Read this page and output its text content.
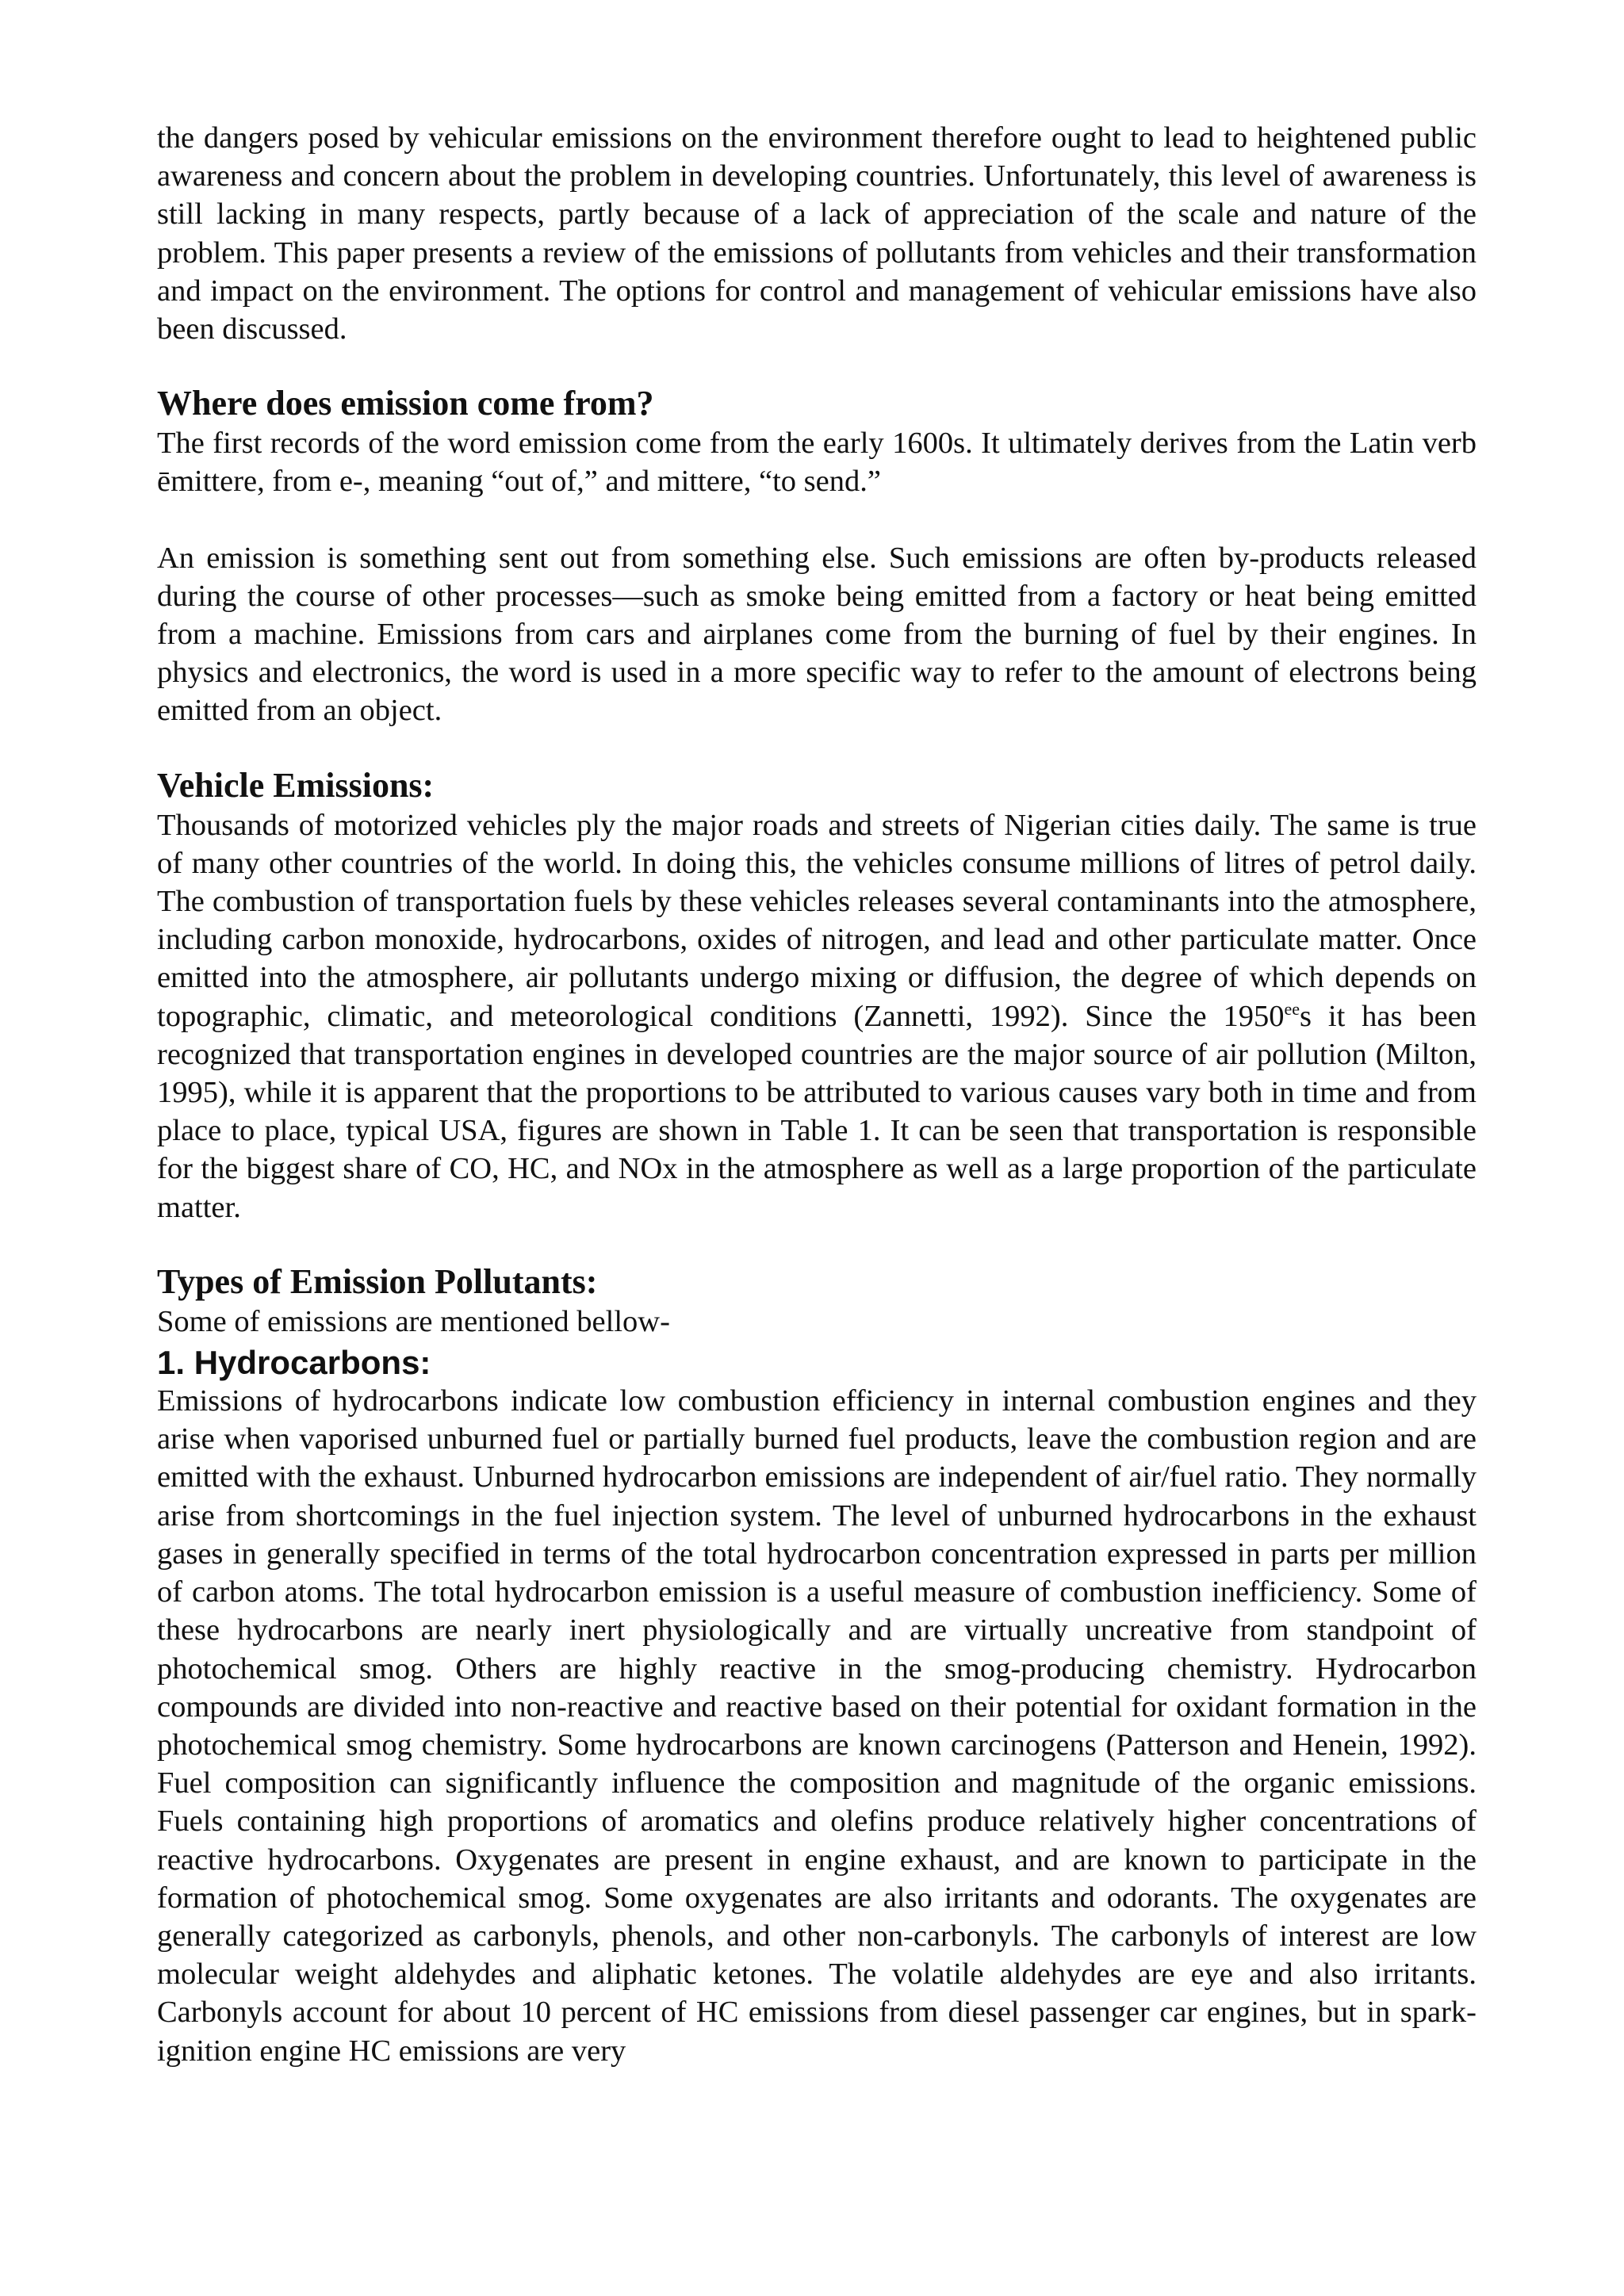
the dangers posed by vehicular emissions on the environment therefore ought to lead to heightened public awareness and concern about the problem in developing countries. Unfortunately, this level of awareness is still lacking in many respects, partly because of a lack of appreciation of the scale and nature of the problem. This paper presents a review of the emissions of pollutants from vehicles and their transformation and impact on the environment. The options for control and management of vehicular emissions have also been discussed.

Where does emission come from?

The first records of the word emission come from the early 1600s. It ultimately derives from the Latin verb ēmittere, from e-, meaning “out of,” and mittere, “to send.”

An emission is something sent out from something else. Such emissions are often by-products released during the course of other processes—such as smoke being emitted from a factory or heat being emitted from a machine. Emissions from cars and airplanes come from the burning of fuel by their engines. In physics and electronics, the word is used in a more specific way to refer to the amount of electrons being emitted from an object.

Vehicle Emissions:

Thousands of motorized vehicles ply the major roads and streets of Nigerian cities daily. The same is true of many other countries of the world. In doing this, the vehicles consume millions of litres of petrol daily. The combustion of transportation fuels by these vehicles releases several contaminants into the atmosphere, including carbon monoxide, hydrocarbons, oxides of nitrogen, and lead and other particulate matter. Once emitted into the atmosphere, air pollutants undergo mixing or diffusion, the degree of which depends on topographic, climatic, and meteorological conditions (Zannetti, 1992). Since the $1950^{ee}s$ it has been recognized that transportation engines in developed countries are the major source of air pollution (Milton, 1995), while it is apparent that the proportions to be attributed to various causes vary both in time and from place to place, typical USA, figures are shown in Table 1. It can be seen that transportation is responsible for the biggest share of CO, HC, and NOx in the atmosphere as well as a large proportion of the particulate matter.

Types of Emission Pollutants:

Some of emissions are mentioned bellow-

1. Hydrocarbons:

Emissions of hydrocarbons indicate low combustion efficiency in internal combustion engines and they arise when vaporised unburned fuel or partially burned fuel products, leave the combustion region and are emitted with the exhaust. Unburned hydrocarbon emissions are independent of air/fuel ratio. They normally arise from shortcomings in the fuel injection system. The level of unburned hydrocarbons in the exhaust gases in generally specified in terms of the total hydrocarbon concentration expressed in parts per million of carbon atoms. The total hydrocarbon emission is a useful measure of combustion inefficiency. Some of these hydrocarbons are nearly inert physiologically and are virtually uncreative from standpoint of photochemical smog. Others are highly reactive in the smog-producing chemistry. Hydrocarbon compounds are divided into non-reactive and reactive based on their potential for oxidant formation in the photochemical smog chemistry. Some hydrocarbons are known carcinogens (Patterson and Henein, 1992). Fuel composition can significantly influence the composition and magnitude of the organic emissions. Fuels containing high proportions of aromatics and olefins produce relatively higher concentrations of reactive hydrocarbons. Oxygenates are present in engine exhaust, and are known to participate in the formation of photochemical smog. Some oxygenates are also irritants and odorants. The oxygenates are generally categorized as carbonyls, phenols, and other non-carbonyls. The carbonyls of interest are low molecular weight aldehydes and aliphatic ketones. The volatile aldehydes are eye and also irritants. Carbonyls account for about 10 percent of HC emissions from diesel passenger car engines, but in spark-ignition engine HC emissions are very
